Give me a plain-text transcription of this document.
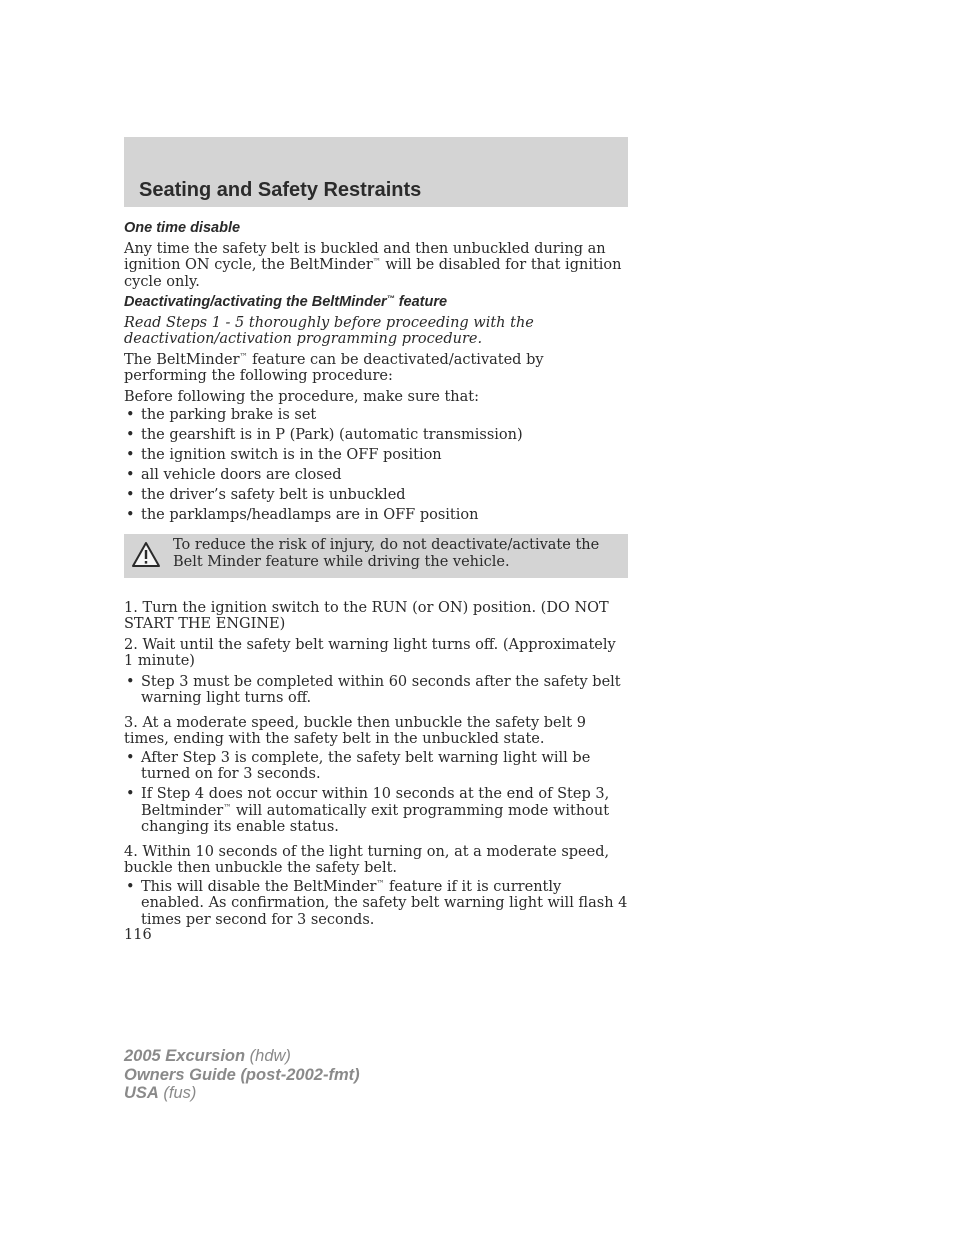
Seating and Safety Restraints
One time disable

Any time the safety belt is buckled and then unbuckled during an ignition ON cycle, the BeltMinder™ will be disabled for that ignition cycle only.

Deactivating/activating the BeltMinder™ feature

Read Steps 1 - 5 thoroughly before proceeding with the deactivation/activation programming procedure.

The BeltMinder™ feature can be deactivated/activated by performing the following procedure:

Before following the procedure, make sure that:

• the parking brake is set
• the gearshift is in P (Park) (automatic transmission)
• the ignition switch is in the OFF position
• all vehicle doors are closed
• the driver’s safety belt is unbuckled
• the parklamps/headlamps are in OFF position
To reduce the risk of injury, do not deactivate/activate the Belt Minder feature while driving the vehicle.

1. Turn the ignition switch to the RUN (or ON) position. (DO NOT START THE ENGINE)

2. Wait until the safety belt warning light turns off. (Approximately 1 minute)

• Step 3 must be completed within 60 seconds after the safety belt warning light turns off.

3. At a moderate speed, buckle then unbuckle the safety belt 9 times, ending with the safety belt in the unbuckled state.

• After Step 3 is complete, the safety belt warning light will be turned on for 3 seconds.
• If Step 4 does not occur within 10 seconds at the end of Step 3, Beltminder™ will automatically exit programming mode without changing its enable status.

4. Within 10 seconds of the light turning on, at a moderate speed, buckle then unbuckle the safety belt.

• This will disable the BeltMinder™ feature if it is currently enabled. As confirmation, the safety belt warning light will flash 4 times per second for 3 seconds.
116
2005 Excursion (hdw)
Owners Guide (post-2002-fmt)
USA (fus)
